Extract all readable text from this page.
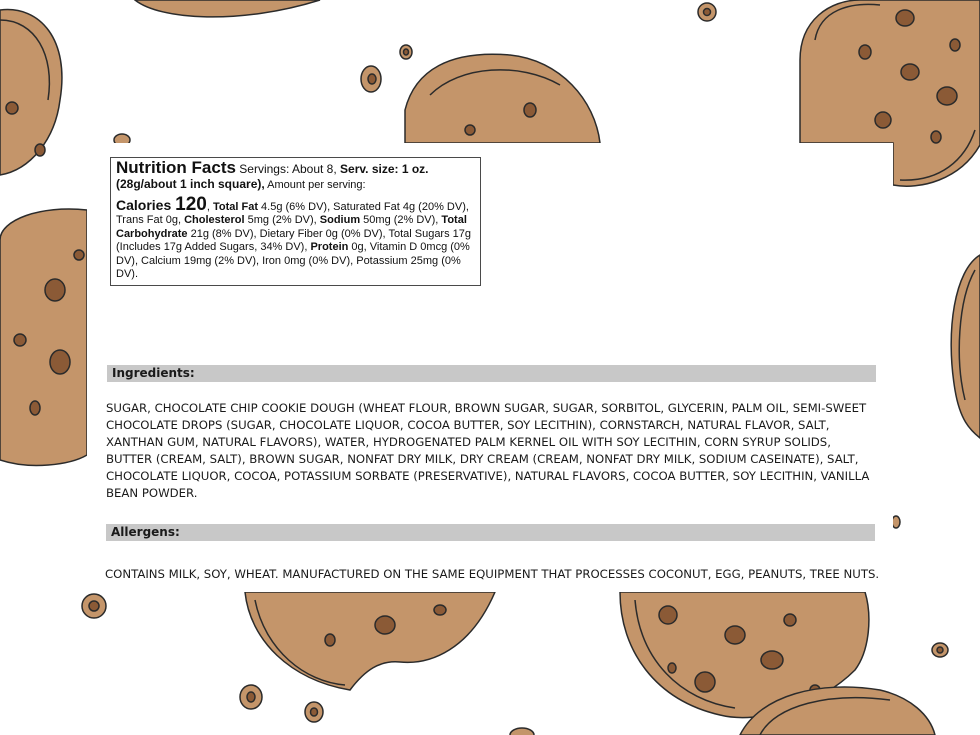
Nutrition Facts Servings: About 8, Serv. size: 1 oz. (28g/about 1 inch square), Amount per serving:
Calories 120, Total Fat 4.5g (6% DV), Saturated Fat 4g (20% DV), Trans Fat 0g, Cholesterol 5mg (2% DV), Sodium 50mg (2% DV), Total Carbohydrate 21g (8% DV), Dietary Fiber 0g (0% DV), Total Sugars 17g (Includes 17g Added Sugars, 34% DV), Protein 0g, Vitamin D 0mcg (0% DV), Calcium 19mg (2% DV), Iron 0mg (0% DV), Potassium 25mg (0% DV).
Ingredients:
SUGAR, CHOCOLATE CHIP COOKIE DOUGH (WHEAT FLOUR, BROWN SUGAR, SUGAR, SORBITOL, GLYCERIN, PALM OIL, SEMI-SWEET CHOCOLATE DROPS (SUGAR, CHOCOLATE LIQUOR, COCOA BUTTER, SOY LECITHIN), CORNSTARCH, NATURAL FLAVOR, SALT, XANTHAN GUM, NATURAL FLAVORS), WATER, HYDROGENATED PALM KERNEL OIL WITH SOY LECITHIN, CORN SYRUP SOLIDS, BUTTER (CREAM, SALT), BROWN SUGAR, NONFAT DRY MILK, DRY CREAM (CREAM, NONFAT DRY MILK, SODIUM CASEINATE), SALT, CHOCOLATE LIQUOR, COCOA, POTASSIUM SORBATE (PRESERVATIVE), NATURAL FLAVORS, COCOA BUTTER, SOY LECITHIN, VANILLA BEAN POWDER.
Allergens:
CONTAINS MILK, SOY, WHEAT. MANUFACTURED ON THE SAME EQUIPMENT THAT PROCESSES COCONUT, EGG, PEANUTS, TREE NUTS.
